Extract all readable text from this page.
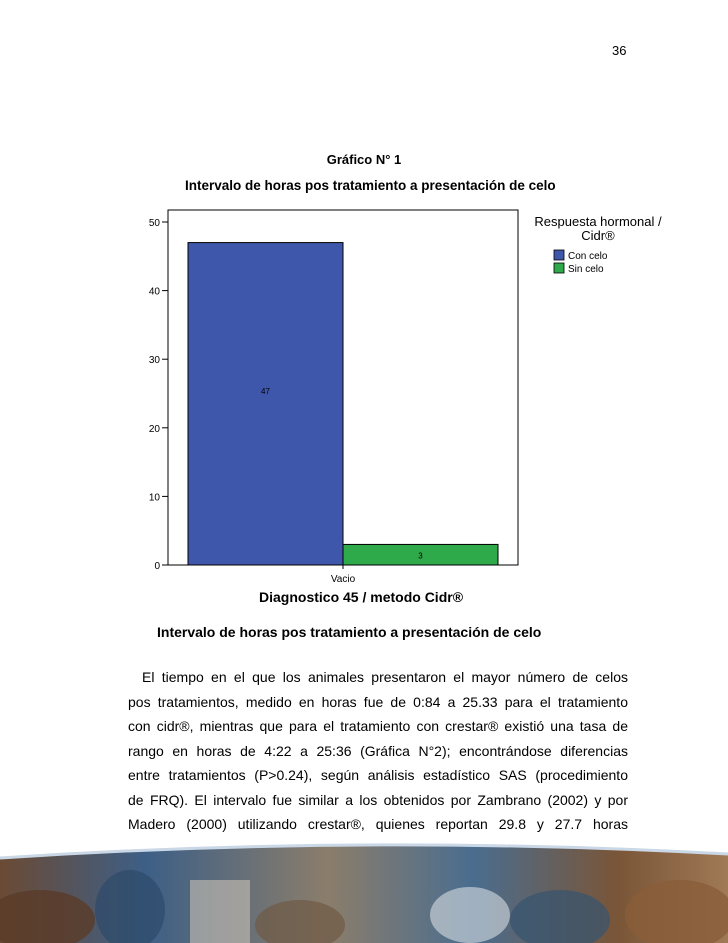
36
Gráfico N° 1
Intervalo de horas pos tratamiento a presentación de celo
0
10
20
30
40
50
47
3
Vacio
Respuesta hormonal /
Cidr®
Con celo
Sin celo
Diagnostico 45 / metodo Cidr®
Intervalo de horas pos tratamiento a presentación de celo
El tiempo en el que los animales presentaron el mayor número de celos
pos tratamientos, medido en horas fue de 0:84 a 25.33 para el tratamiento
con cidr®, mientras que para el tratamiento con crestar® existió una tasa de
rango en horas de 4:22 a 25:36 (Gráfica N°2); encontrándose diferencias
entre tratamientos (P>0.24), según análisis estadístico SAS (procedimiento
de FRQ). El intervalo fue similar a los obtenidos por Zambrano (2002) y por
Madero (2000) utilizando crestar®, quienes reportan 29.8 y 27.7 horas
